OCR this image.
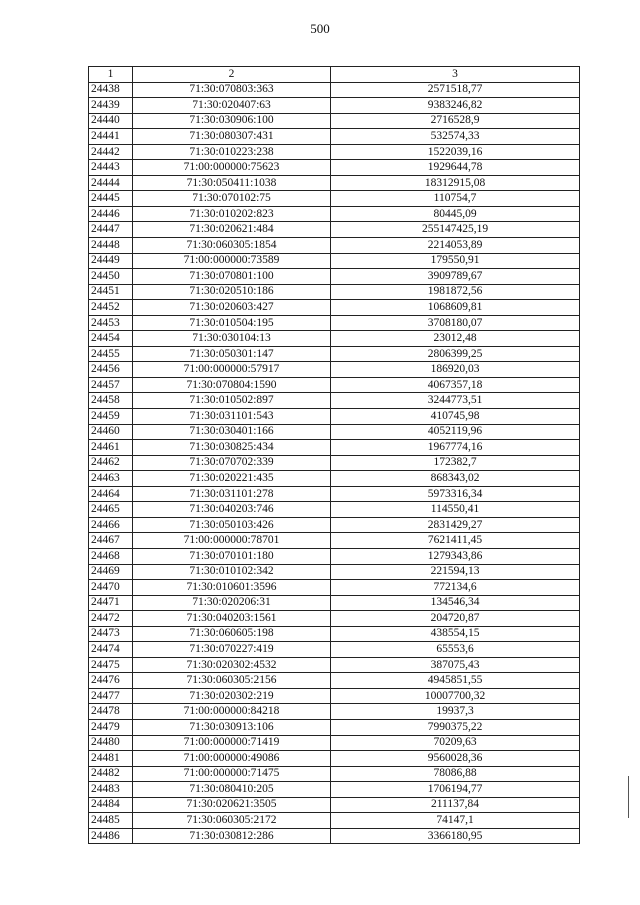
500
1	2	3
24438	71:30:070803:363	2571518,77
24439	71:30:020407:63	9383246,82
24440	71:30:030906:100	2716528,9
24441	71:30:080307:431	532574,33
24442	71:30:010223:238	1522039,16
24443	71:00:000000:75623	1929644,78
24444	71:30:050411:1038	18312915,08
24445	71:30:070102:75	110754,7
24446	71:30:010202:823	80445,09
24447	71:30:020621:484	255147425,19
24448	71:30:060305:1854	2214053,89
24449	71:00:000000:73589	179550,91
24450	71:30:070801:100	3909789,67
24451	71:30:020510:186	1981872,56
24452	71:30:020603:427	1068609,81
24453	71:30:010504:195	3708180,07
24454	71:30:030104:13	23012,48
24455	71:30:050301:147	2806399,25
24456	71:00:000000:57917	186920,03
24457	71:30:070804:1590	4067357,18
24458	71:30:010502:897	3244773,51
24459	71:30:031101:543	410745,98
24460	71:30:030401:166	4052119,96
24461	71:30:030825:434	1967774,16
24462	71:30:070702:339	172382,7
24463	71:30:020221:435	868343,02
24464	71:30:031101:278	5973316,34
24465	71:30:040203:746	114550,41
24466	71:30:050103:426	2831429,27
24467	71:00:000000:78701	7621411,45
24468	71:30:070101:180	1279343,86
24469	71:30:010102:342	221594,13
24470	71:30:010601:3596	772134,6
24471	71:30:020206:31	134546,34
24472	71:30:040203:1561	204720,87
24473	71:30:060605:198	438554,15
24474	71:30:070227:419	65553,6
24475	71:30:020302:4532	387075,43
24476	71:30:060305:2156	4945851,55
24477	71:30:020302:219	10007700,32
24478	71:00:000000:84218	19937,3
24479	71:30:030913:106	7990375,22
24480	71:00:000000:71419	70209,63
24481	71:00:000000:49086	9560028,36
24482	71:00:000000:71475	78086,88
24483	71:30:080410:205	1706194,77
24484	71:30:020621:3505	211137,84
24485	71:30:060305:2172	74147,1
24486	71:30:030812:286	3366180,95
